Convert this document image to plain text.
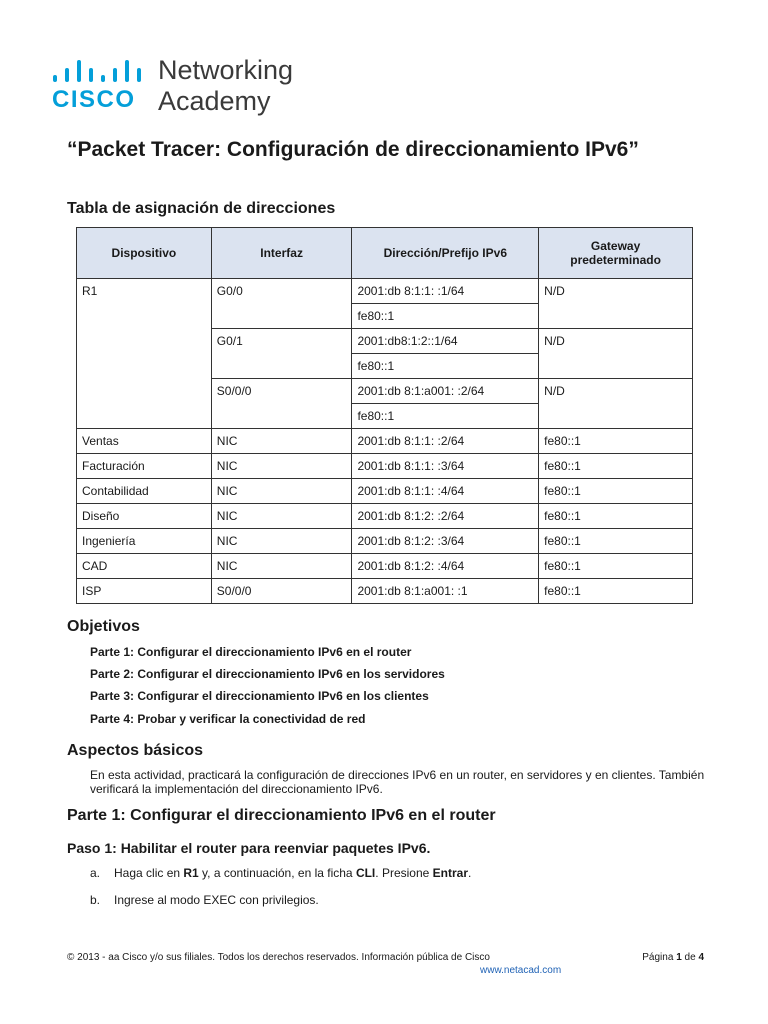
CISCO
Networking
Academy
“Packet Tracer: Configuración de direccionamiento IPv6”
Tabla de asignación de direcciones
Dispositivo	Interfaz	Dirección/Prefijo IPv6	Gateway predeterminado
R1	G0/0	2001:db 8:1:1: :1/64	N/D
		fe80::1	
	G0/1	2001:db8:1:2::1/64	N/D
		fe80::1	
	S0/0/0	2001:db 8:1:a001: :2/64	N/D
		fe80::1	
Ventas	NIC	2001:db 8:1:1: :2/64	fe80::1
Facturación	NIC	2001:db 8:1:1: :3/64	fe80::1
Contabilidad	NIC	2001:db 8:1:1: :4/64	fe80::1
Diseño	NIC	2001:db 8:1:2: :2/64	fe80::1
Ingeniería	NIC	2001:db 8:1:2: :3/64	fe80::1
CAD	NIC	2001:db 8:1:2: :4/64	fe80::1
ISP	S0/0/0	2001:db 8:1:a001: :1	fe80::1
Objetivos
Parte 1: Configurar el direccionamiento IPv6 en el router
Parte 2: Configurar el direccionamiento IPv6 en los servidores
Parte 3: Configurar el direccionamiento IPv6 en los clientes
Parte 4: Probar y verificar la conectividad de red
Aspectos básicos
En esta actividad, practicará la configuración de direcciones IPv6 en un router, en servidores y en clientes. También verificará la implementación del direccionamiento IPv6.
Parte 1: Configurar el direccionamiento IPv6 en el router
Paso 1: Habilitar el router para reenviar paquetes IPv6.
a. Haga clic en R1 y, a continuación, en la ficha CLI. Presione Entrar.
b. Ingrese al modo EXEC con privilegios.
© 2013 - aa Cisco y/o sus filiales. Todos los derechos reservados. Información pública de Cisco	Página 1 de 4
www.netacad.com
